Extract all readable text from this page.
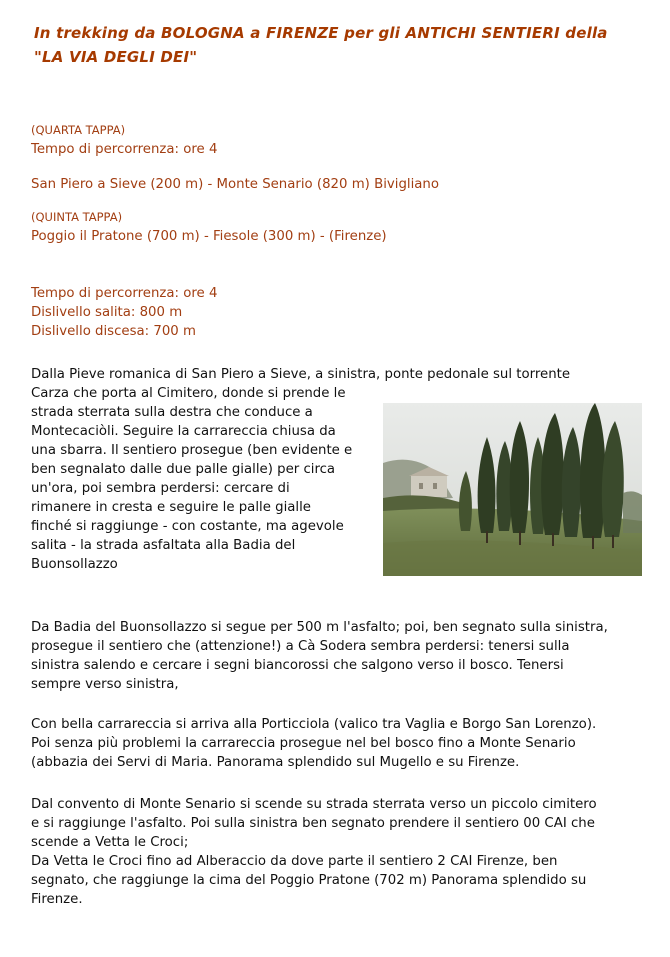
In trekking da BOLOGNA a FIRENZE per gli ANTICHI SENTIERI della
"LA VIA DEGLI DEI"
(QUARTA TAPPA)
Tempo di percorrenza: ore 4
San Piero a Sieve (200 m) - Monte Senario (820 m) Bivigliano
(QUINTA TAPPA)
Poggio il Pratone (700 m) - Fiesole (300 m) - (Firenze)
Tempo di percorrenza: ore 4
Dislivello salita: 800 m
Dislivello discesa: 700 m
Dalla Pieve romanica di San Piero a Sieve, a sinistra, ponte pedonale sul torrente
Carza che porta al Cimitero, donde si prende le
strada sterrata sulla destra che conduce a
Montecaciòli. Seguire la carrareccia chiusa da
una sbarra. Il sentiero prosegue (ben evidente e
ben segnalato dalle due palle gialle) per circa
un'ora, poi sembra perdersi: cercare di
rimanere in cresta e seguire le palle gialle
finché si raggiunge - con costante, ma agevole
salita - la strada asfaltata alla Badia del
Buonsollazzo
Da Badia del Buonsollazzo si segue per 500 m l'asfalto; poi, ben segnato sulla sinistra,
prosegue il sentiero che (attenzione!) a Cà Sodera sembra perdersi: tenersi sulla
sinistra salendo e cercare i segni biancorossi che salgono verso il bosco. Tenersi
sempre verso sinistra,
Con bella carrareccia si arriva alla Porticciola (valico tra Vaglia e Borgo San Lorenzo).
Poi senza più problemi la carrareccia prosegue nel bel bosco fino a Monte Senario
(abbazia dei Servi di Maria. Panorama splendido sul Mugello e su Firenze.
Dal convento di Monte Senario si scende su strada sterrata verso un piccolo cimitero
e si raggiunge l'asfalto. Poi sulla sinistra ben segnato prendere il sentiero 00 CAI che
scende a Vetta le Croci;
Da Vetta le Croci fino ad Alberaccio da dove parte il sentiero 2 CAI Firenze, ben
segnato, che raggiunge la cima del Poggio Pratone (702 m) Panorama splendido su
Firenze.
